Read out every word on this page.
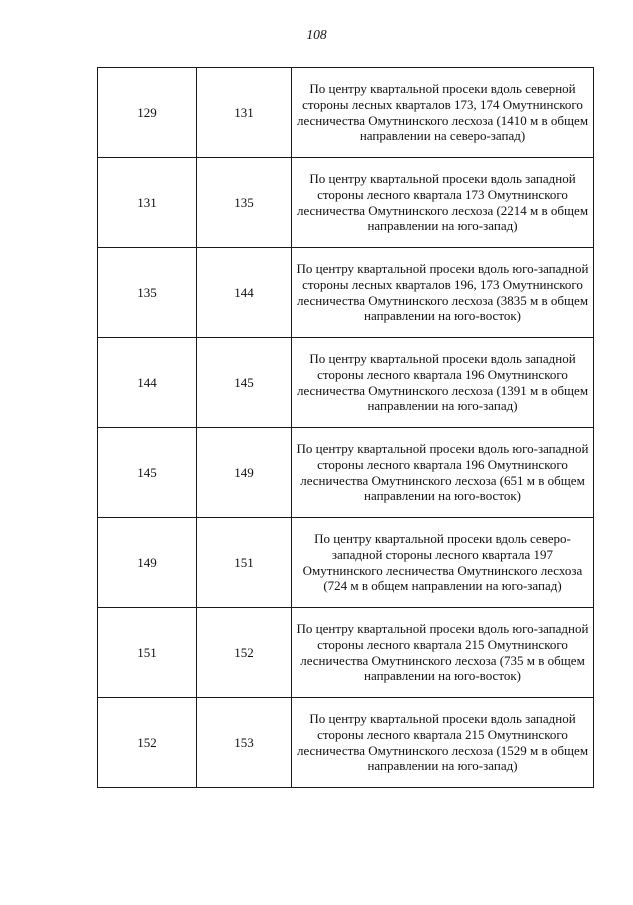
108
129	131	По центру квартальной просеки вдоль северной стороны лесных кварталов 173, 174 Омутнинского лесничества Омутнинского лесхоза (1410 м в общем направлении на северо-запад)
131	135	По центру квартальной просеки вдоль западной стороны лесного квартала 173 Омутнинского лесничества Омутнинского лесхоза (2214 м в общем направлении на юго-запад)
135	144	По центру квартальной просеки вдоль юго-западной стороны лесных кварталов 196, 173 Омутнинского лесничества Омутнинского лесхоза (3835 м в общем направлении на юго-восток)
144	145	По центру квартальной просеки вдоль западной стороны лесного квартала 196 Омутнинского лесничества Омутнинского лесхоза (1391 м в общем направлении на юго-запад)
145	149	По центру квартальной просеки вдоль юго-западной стороны лесного квартала 196 Омутнинского лесничества Омутнинского лесхоза (651 м в общем направлении на юго-восток)
149	151	По центру квартальной просеки вдоль северо-западной стороны лесного квартала 197 Омутнинского лесничества Омутнинского лесхоза (724 м в общем направлении на юго-запад)
151	152	По центру квартальной просеки вдоль юго-западной стороны лесного квартала 215 Омутнинского лесничества Омутнинского лесхоза (735 м в общем направлении на юго-восток)
152	153	По центру квартальной просеки вдоль западной стороны лесного квартала 215 Омутнинского лесничества Омутнинского лесхоза (1529 м в общем направлении на юго-запад)
